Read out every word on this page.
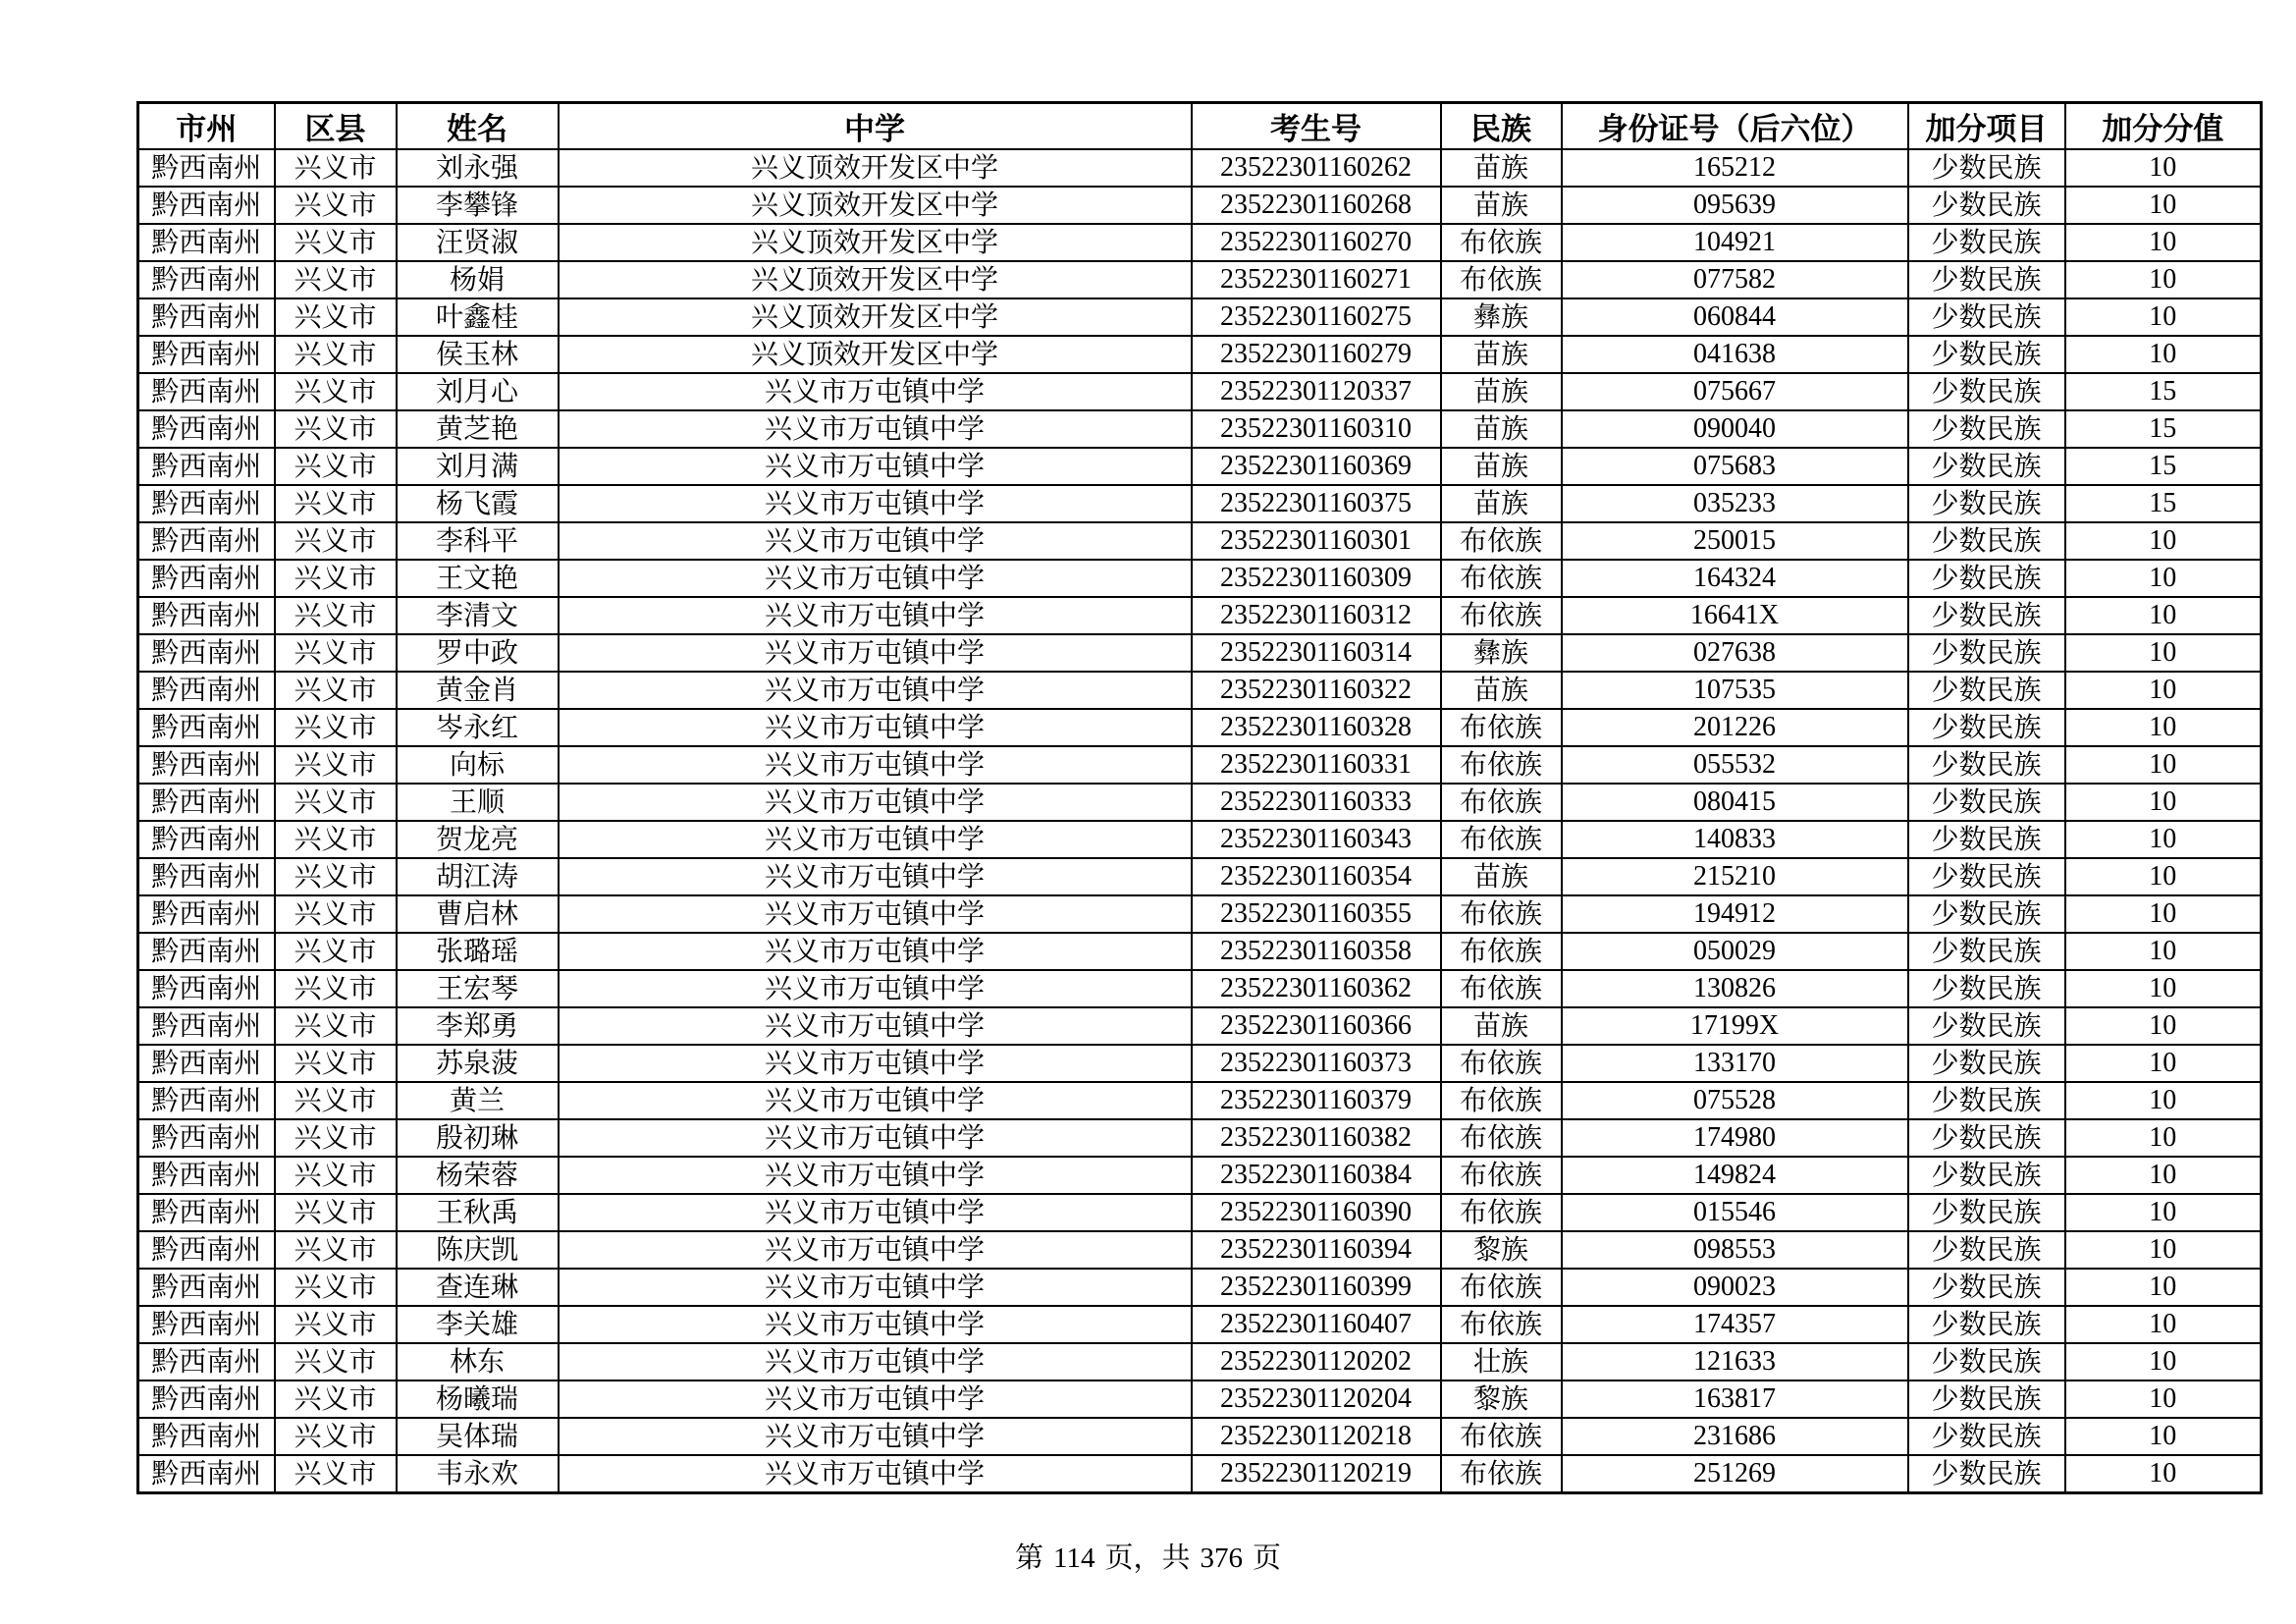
市州	区县	姓名	中学	考生号	民族	身份证号（后六位）	加分项目	加分分值
黔西南州	兴义市	刘永强	兴义顶效开发区中学	23522301160262	苗族	165212	少数民族	10
黔西南州	兴义市	李攀锋	兴义顶效开发区中学	23522301160268	苗族	095639	少数民族	10
黔西南州	兴义市	汪贤淑	兴义顶效开发区中学	23522301160270	布依族	104921	少数民族	10
黔西南州	兴义市	杨娟	兴义顶效开发区中学	23522301160271	布依族	077582	少数民族	10
黔西南州	兴义市	叶鑫桂	兴义顶效开发区中学	23522301160275	彝族	060844	少数民族	10
黔西南州	兴义市	侯玉林	兴义顶效开发区中学	23522301160279	苗族	041638	少数民族	10
黔西南州	兴义市	刘月心	兴义市万屯镇中学	23522301120337	苗族	075667	少数民族	15
黔西南州	兴义市	黄芝艳	兴义市万屯镇中学	23522301160310	苗族	090040	少数民族	15
黔西南州	兴义市	刘月满	兴义市万屯镇中学	23522301160369	苗族	075683	少数民族	15
黔西南州	兴义市	杨飞霞	兴义市万屯镇中学	23522301160375	苗族	035233	少数民族	15
黔西南州	兴义市	李科平	兴义市万屯镇中学	23522301160301	布依族	250015	少数民族	10
黔西南州	兴义市	王文艳	兴义市万屯镇中学	23522301160309	布依族	164324	少数民族	10
黔西南州	兴义市	李清文	兴义市万屯镇中学	23522301160312	布依族	16641X	少数民族	10
黔西南州	兴义市	罗中政	兴义市万屯镇中学	23522301160314	彝族	027638	少数民族	10
黔西南州	兴义市	黄金肖	兴义市万屯镇中学	23522301160322	苗族	107535	少数民族	10
黔西南州	兴义市	岑永红	兴义市万屯镇中学	23522301160328	布依族	201226	少数民族	10
黔西南州	兴义市	向标	兴义市万屯镇中学	23522301160331	布依族	055532	少数民族	10
黔西南州	兴义市	王顺	兴义市万屯镇中学	23522301160333	布依族	080415	少数民族	10
黔西南州	兴义市	贺龙亮	兴义市万屯镇中学	23522301160343	布依族	140833	少数民族	10
黔西南州	兴义市	胡江涛	兴义市万屯镇中学	23522301160354	苗族	215210	少数民族	10
黔西南州	兴义市	曹启林	兴义市万屯镇中学	23522301160355	布依族	194912	少数民族	10
黔西南州	兴义市	张璐瑶	兴义市万屯镇中学	23522301160358	布依族	050029	少数民族	10
黔西南州	兴义市	王宏琴	兴义市万屯镇中学	23522301160362	布依族	130826	少数民族	10
黔西南州	兴义市	李郑勇	兴义市万屯镇中学	23522301160366	苗族	17199X	少数民族	10
黔西南州	兴义市	苏泉菠	兴义市万屯镇中学	23522301160373	布依族	133170	少数民族	10
黔西南州	兴义市	黄兰	兴义市万屯镇中学	23522301160379	布依族	075528	少数民族	10
黔西南州	兴义市	殷初琳	兴义市万屯镇中学	23522301160382	布依族	174980	少数民族	10
黔西南州	兴义市	杨荣蓉	兴义市万屯镇中学	23522301160384	布依族	149824	少数民族	10
黔西南州	兴义市	王秋禹	兴义市万屯镇中学	23522301160390	布依族	015546	少数民族	10
黔西南州	兴义市	陈庆凯	兴义市万屯镇中学	23522301160394	黎族	098553	少数民族	10
黔西南州	兴义市	查连琳	兴义市万屯镇中学	23522301160399	布依族	090023	少数民族	10
黔西南州	兴义市	李关雄	兴义市万屯镇中学	23522301160407	布依族	174357	少数民族	10
黔西南州	兴义市	林东	兴义市万屯镇中学	23522301120202	壮族	121633	少数民族	10
黔西南州	兴义市	杨曦瑞	兴义市万屯镇中学	23522301120204	黎族	163817	少数民族	10
黔西南州	兴义市	吴体瑞	兴义市万屯镇中学	23522301120218	布依族	231686	少数民族	10
黔西南州	兴义市	韦永欢	兴义市万屯镇中学	23522301120219	布依族	251269	少数民族	10
第 114 页，共 376 页
